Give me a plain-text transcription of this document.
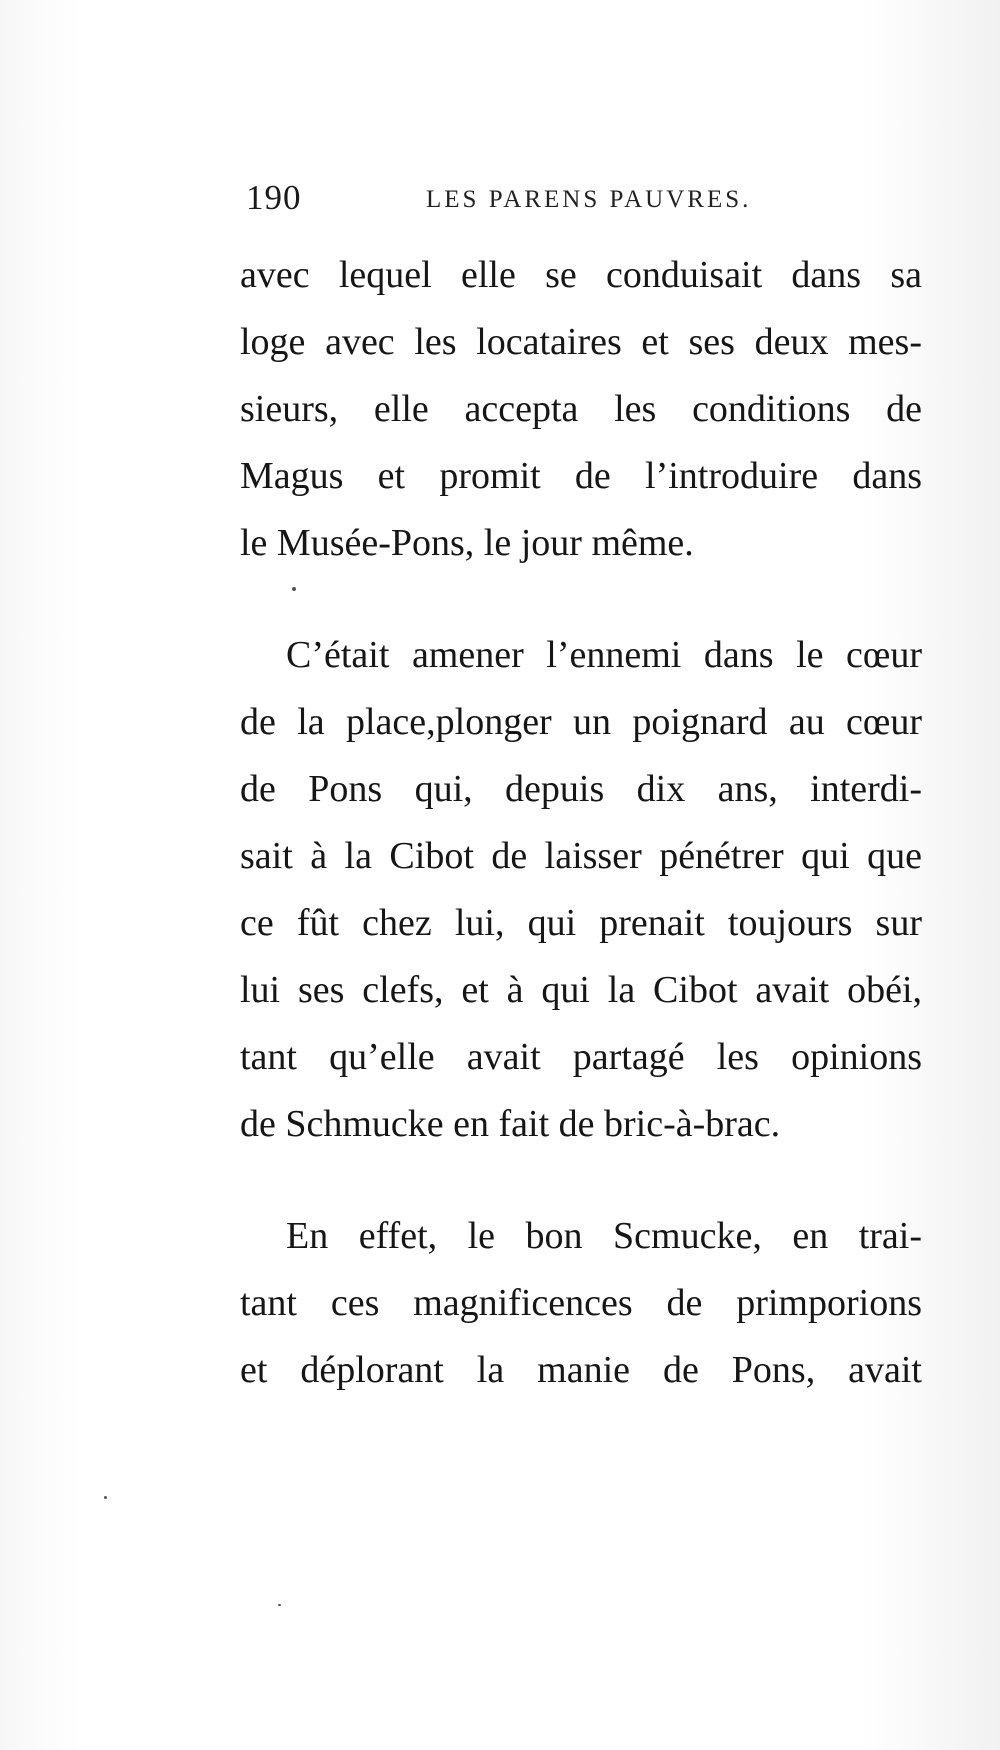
190	LES PARENS PAUVRES.
avec lequel elle se conduisait dans sa
loge avec les locataires et ses deux mes-
sieurs, elle accepta les conditions de
Magus et promit de l’introduire dans
le Musée-Pons, le jour même.
C’était amener l’ennemi dans le cœur
de la place,plonger un poignard au cœur
de Pons qui, depuis dix ans, interdi-
sait à la Cibot de laisser pénétrer qui que
ce fût chez lui, qui prenait toujours sur
lui ses clefs, et à qui la Cibot avait obéi,
tant qu’elle avait partagé les opinions
de Schmucke en fait de bric-à-brac.
En effet, le bon Scmucke, en trai-
tant ces magnificences de primporions
et déplorant la manie de Pons, avait
